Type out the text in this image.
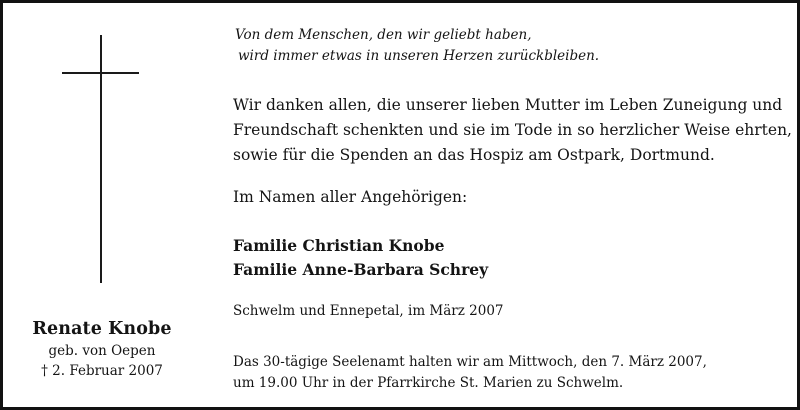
Renate Knobe
geb. von Oepen
† 2. Februar 2007
Von dem Menschen, den wir geliebt haben,
wird immer etwas in unseren Herzen zurückbleiben.
Wir danken allen, die unserer lieben Mutter im Leben Zuneigung und
Freundschaft schenkten und sie im Tode in so herzlicher Weise ehrten,
sowie für die Spenden an das Hospiz am Ostpark, Dortmund.
Im Namen aller Angehörigen:
Familie Christian Knobe
Familie Anne-Barbara Schrey
Schwelm und Ennepetal, im März 2007
Das 30-tägige Seelenamt halten wir am Mittwoch, den 7. März 2007,
um 19.00 Uhr in der Pfarrkirche St. Marien zu Schwelm.
